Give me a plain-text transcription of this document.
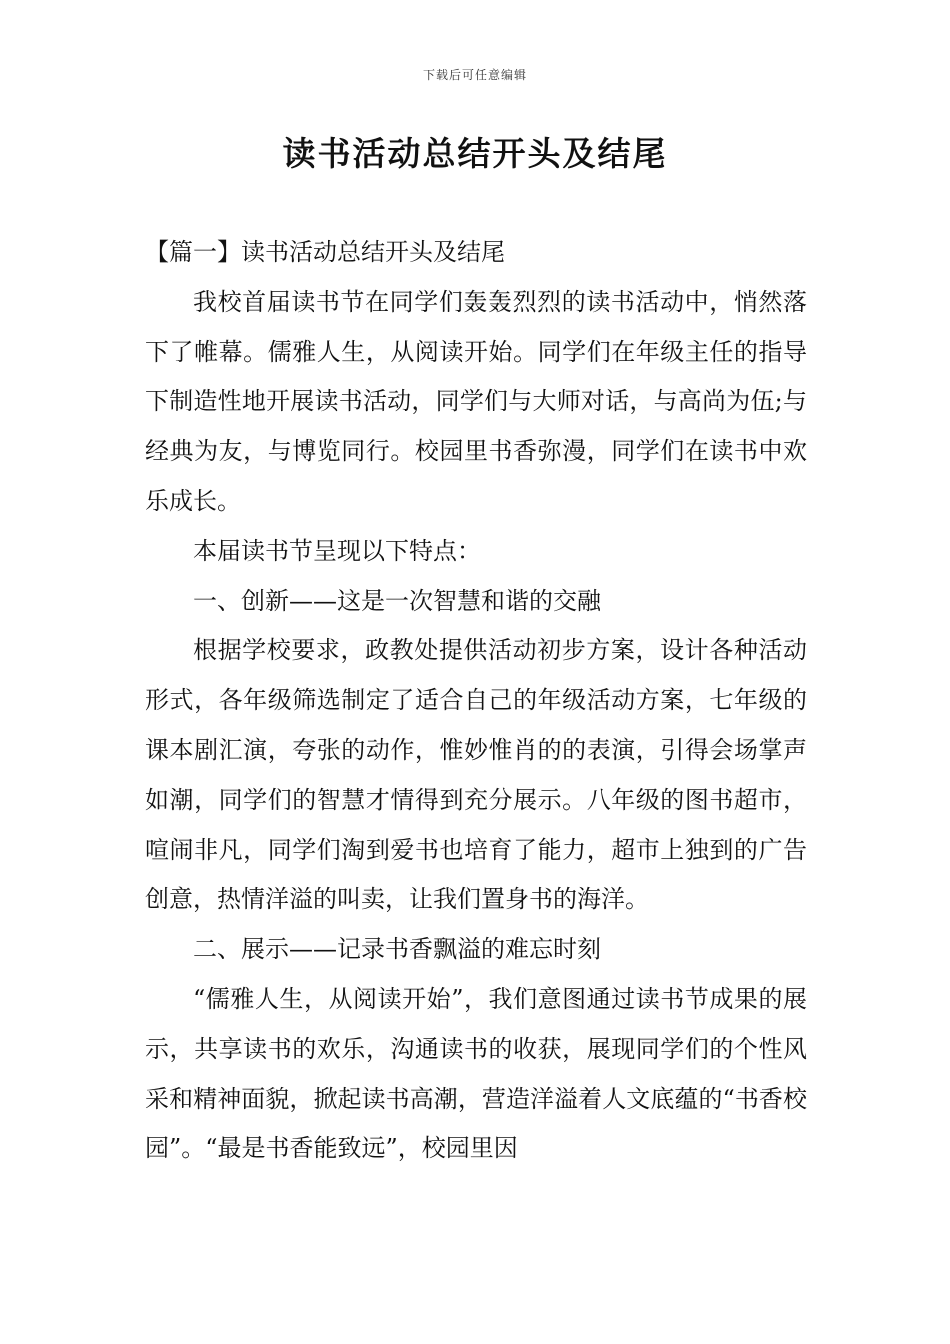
下载后可任意编辑
读书活动总结开头及结尾

【篇一】读书活动总结开头及结尾

我校首届读书节在同学们轰轰烈烈的读书活动中，悄然落下了帷幕。儒雅人生，从阅读开始。同学们在年级主任的指导下制造性地开展读书活动，同学们与大师对话，与高尚为伍;与经典为友，与博览同行。校园里书香弥漫，同学们在读书中欢乐成长。

本届读书节呈现以下特点：

一、创新——这是一次智慧和谐的交融

根据学校要求，政教处提供活动初步方案，设计各种活动形式，各年级筛选制定了适合自己的年级活动方案，七年级的课本剧汇演，夸张的动作，惟妙惟肖的的表演，引得会场掌声如潮，同学们的智慧才情得到充分展示。八年级的图书超市，喧闹非凡，同学们淘到爱书也培育了能力，超市上独到的广告创意，热情洋溢的叫卖，让我们置身书的海洋。

二、展示——记录书香飘溢的难忘时刻

“儒雅人生，从阅读开始”，我们意图通过读书节成果的展示，共享读书的欢乐，沟通读书的收获，展现同学们的个性风采和精神面貌，掀起读书高潮，营造洋溢着人文底蕴的“书香校园”。“最是书香能致远”，校园里因
